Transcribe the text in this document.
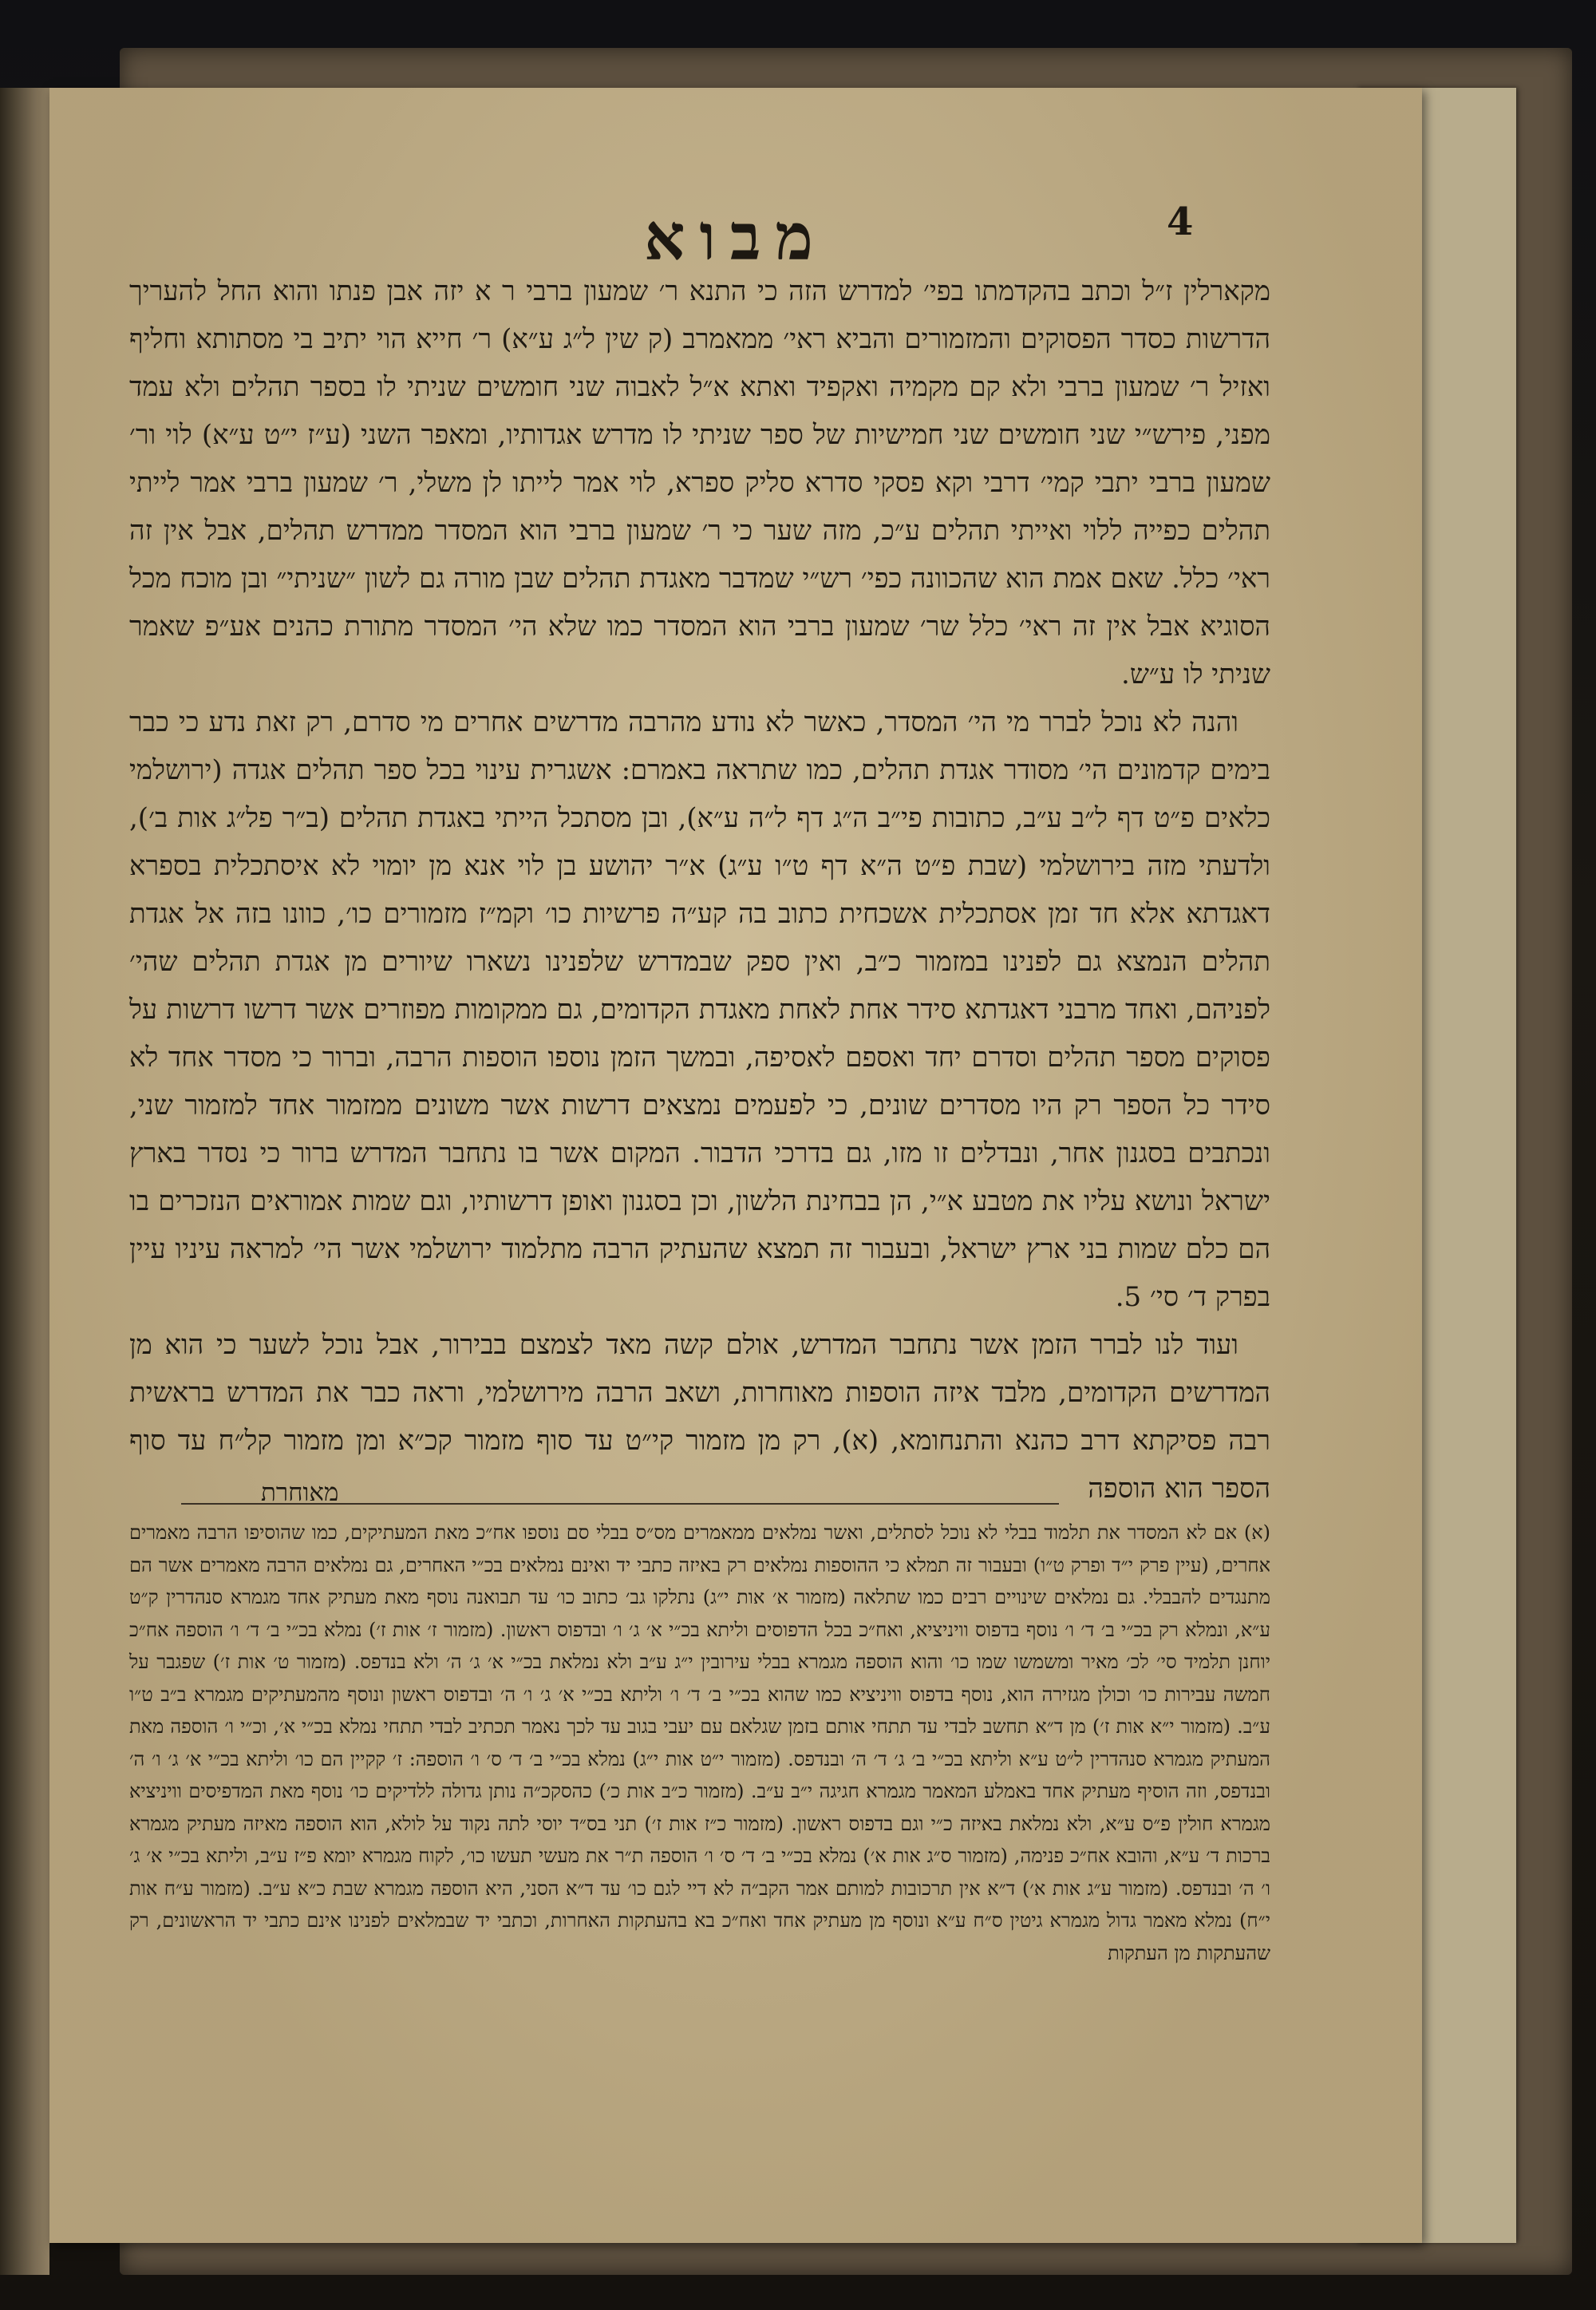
4
מבוא

מקארלין ז״ל וכתב בהקדמתו בפי׳ למדרש הזה כי התנא ר׳ שמעון ברבי ר א יזה אבן פנתו והוא החל להעריך הדרשות כסדר הפסוקים והמזמורים והביא ראי׳ ממאמרב (ק שין ל״ג ע״א) ר׳ חייא הוי יתיב בי מסתותא וחליף ואזיל ר׳ שמעון ברבי ולא קם מקמיה ואקפיד ואתא א״ל לאבוה שני חומשים שניתי לו בספר תהלים ולא עמד מפני, פירש״י שני חומשים שני חמישיות של ספר שניתי לו מדרש אגדותיו, ומאפר השני (ע״ז י״ט ע״א) לוי ור׳ שמעון ברבי יתבי קמי׳ דרבי וקא פסקי סדרא סליק ספרא, לוי אמר לייתו לן משלי, ר׳ שמעון ברבי אמר לייתי תהלים כפייה ללוי ואייתי תהלים ע״כ, מזה שער כי ר׳ שמעון ברבי הוא המסדר ממדרש תהלים, אבל אין זה ראי׳ כלל. שאם אמת הוא שהכוונה כפי׳ רש״י שמדבר מאגדת תהלים שבן מורה גם לשון ״שניתי״ ובן מוכח מכל הסוגיא אבל אין זה ראי׳ כלל שר׳ שמעון ברבי הוא המסדר כמו שלא הי׳ המסדר מתורת כהנים אע״פ שאמר שניתי לו ע״ש.

והנה לא נוכל לברר מי הי׳ המסדר, כאשר לא נודע מהרבה מדרשים אחרים מי סדרם, רק זאת נדע כי כבר בימים קדמונים הי׳ מסודר אגדת תהלים, כמו שתראה באמרם: אשגרית עינוי בכל ספר תהלים אגדה (ירושלמי כלאים פ״ט דף ל״ב ע״ב, כתובות פי״ב ה״ג דף ל״ה ע״א), ובן מסתכל הייתי באגדת תהלים (ב״ר פל״ג אות ב׳), ולדעתי מזה בירושלמי (שבת פ״ט ה״א דף ט״ו ע״ג) א״ר יהושע בן לוי אנא מן יומוי לא איסתכלית בספרא דאגדתא אלא חד זמן אסתכלית אשכחית כתוב בה קע״ה פרשיות כו׳ וקמ״ז מזמורים כו׳, כוונו בזה אל אגדת תהלים הנמצא גם לפנינו במזמור כ״ב, ואין ספק שבמדרש שלפנינו נשארו שיורים מן אגדת תהלים שהי׳ לפניהם, ואחד מרבני דאגדתא סידר אחת לאחת מאגדת הקדומים, גם ממקומות מפוזרים אשר דרשו דרשות על פסוקים מספר תהלים וסדרם יחד ואספם לאסיפה, ובמשך הזמן נוספו הוספות הרבה, וברור כי מסדר אחד לא סידר כל הספר רק היו מסדרים שונים, כי לפעמים נמצאים דרשות אשר משונים ממזמור אחד למזמור שני, ונכתבים בסגנון אחר, ונבדלים זו מזו, גם בדרכי הדבור. המקום אשר בו נתחבר המדרש ברור כי נסדר בארץ ישראל ונושא עליו את מטבע א״י, הן בבחינת הלשון, וכן בסגנון ואופן דרשותיו, וגם שמות אמוראים הנזכרים בו הם כלם שמות בני ארץ ישראל, ובעבור זה תמצא שהעתיק הרבה מתלמוד ירושלמי אשר הי׳ למראה עיניו עיין בפרק ד׳ סי׳ 5.

ועוד לנו לברר הזמן אשר נתחבר המדרש, אולם קשה מאד לצמצם בבירור, אבל נוכל לשער כי הוא מן המדרשים הקדומים, מלבד איזה הוספות מאוחרות, ושאב הרבה מירושלמי, וראה כבר את המדרש בראשית רבה פסיקתא דרב כהנא והתנחומא, (א), רק מן מזמור קי״ט עד סוף מזמור קכ״א ומן מזמור קל״ח עד סוף הספר הוא הוספה

מאוחרת
(א) אם לא המסדר את תלמוד בבלי לא נוכל לסתלים, ואשר נמלאים ממאמרים מס״ס בבלי סם נוספו אח״כ מאת המעתיקים, כמו שהוסיפו הרבה מאמרים אחרים, (עיין פרק י״ד ופרק ט״ו) ובעבור זה תמלא כי ההוספות נמלאים רק באיזה כתבי יד ואינם נמלאים בכ״י האחרים, גם נמלאים הרבה מאמרים אשר הם מתנגדים להבבלי. גם נמלאים שינויים רבים כמו שתלאה (מזמור א׳ אות י״ג) נתלקו גב׳ כתוב כו׳ עד תבואנה נוסף מאת מעתיק אחד מגמרא סנהדרין ק״ט ע״א, ונמלא רק בכ״י ב׳ ד׳ ו׳ נוסף בדפוס וויניציא, ואח״כ בכל הדפוסים וליתא בכ״י א׳ ג׳ ו׳ ובדפוס ראשון. (מזמור ז׳ אות ז׳) נמלא בכ״י ב׳ ד׳ ו׳ הוספה אח״כ יוחנן תלמיד סי׳ לכ׳ מאיר ומשמשו שמו כו׳ והוא הוספה מגמרא בבלי עירובין י״ג ע״ב ולא נמלאת בכ״י א׳ ג׳ ה׳ ולא בנדפס. (מזמור ט׳ אות ז׳) שפגבר על חמשה עבירות כו׳ וכולן מגזירה הוא, נוסף בדפוס וויניציא כמו שהוא בכ״י ב׳ ד׳ ו׳ וליתא בכ״י א׳ ג׳ ו׳ ה׳ ובדפוס ראשון ונוסף מהמעתיקים מגמרא ב״ב ט״ו ע״ב. (מזמור י״א אות ז׳) מן ד״א תחשב לבדי עד תתחי אותם בזמן שגלאם עם יעבי בגוב עד לכך נאמר תכתיב לבדי תתחי נמלא בכ״י א׳, וכ״י ו׳ הוספה מאת המעתיק מגמרא סנהדרין ל״ט ע״א וליתא בכ״י ב׳ ג׳ ד׳ ה׳ ובנדפס. (מזמור י״ט אות י״ג) נמלא בכ״י ב׳ ד׳ ס׳ ו׳ הוספה: ז׳ קקיין הם כו׳ וליתא בכ״י א׳ ג׳ ו׳ ה׳ ובנדפס, וזה הוסיף מעתיק אחד באמלע המאמר מגמרא חגיגה י״ב ע״ב. (מזמור כ״ב אות כ׳) כהסקכ״ה נותן גדולה ללדיקים כו׳ נוסף מאת המדפיסים וויניציא מגמרא חולין פ״ס ע״א, ולא נמלאת באיזה כ״י וגם בדפוס ראשון. (מזמור כ״ז אות ז׳) תני בס״ד יוסי לתה נקוד על לולא, הוא הוספה מאיזה מעתיק מגמרא ברכות ד׳ ע״א, והובא אח״כ פנימה, (מזמור ס״ג אות א׳) נמלא בכ״י ב׳ ד׳ ס׳ ו׳ הוספה ת״ר את מעשי תעשו כו׳, לקוח מגמרא יומא פ״ז ע״ב, וליתא בכ״י א׳ ג׳ ו׳ ה׳ ובנדפס. (מזמור ע״ג אות א׳) ד״א אין תרכובות למותם אמר הקב״ה לא דיי לגם כו׳ עד ד״א הסני, היא הוספה מגמרא שבת כ״א ע״ב. (מזמור ע״ח אות י״ח) נמלא מאמר גדול מגמרא גיטין ס״ח ע״א ונוסף מן מעתיק אחד ואח״כ בא בהעתקות האחרות, וכתבי יד שבמלאים לפנינו אינם כתבי יד הראשונים, רק שהעתקות מן העתקות
